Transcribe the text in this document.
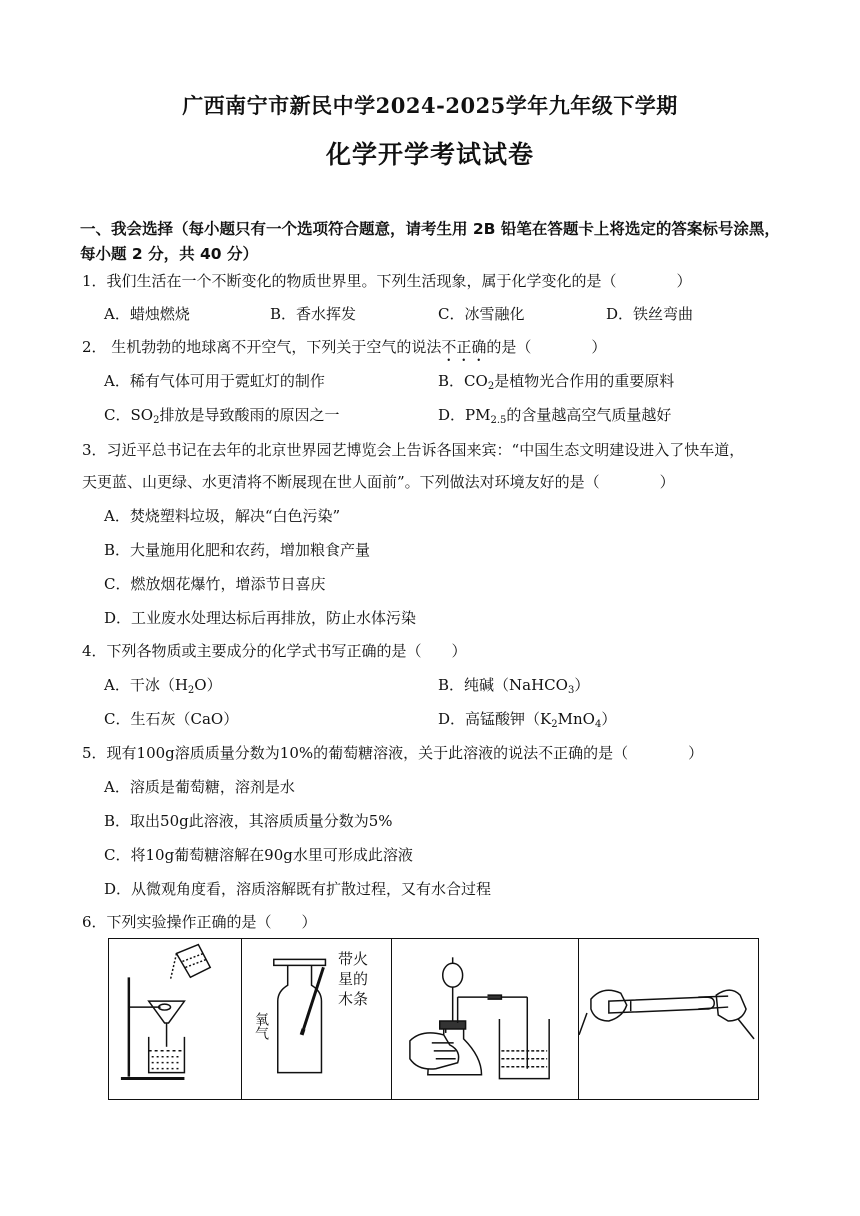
广西南宁市新民中学2024-2025学年九年级下学期
化学开学考试试卷
一、我会选择（每小题只有一个选项符合题意，请考生用 2B 铅笔在答题卡上将选定的答案标号涂黑，每小题 2 分，共 40 分）
1．我们生活在一个不断变化的物质世界里。下列生活现象，属于化学变化的是（　　　　）
A．蜡烛燃烧	B．香水挥发	C．冰雪融化	D．铁丝弯曲
2． 生机勃勃的地球离不开空气，下列关于空气的说法不正确的是（　　　　）
A．稀有气体可用于霓虹灯的制作	B．$CO_2$是植物光合作用的重要原料
C．$SO_2$排放是导致酸雨的原因之一	D．$PM_{2.5}$的含量越高空气质量越好
3．习近平总书记在去年的北京世界园艺博览会上告诉各国来宾：“中国生态文明建设进入了快车道，
天更蓝、山更绿、水更清将不断展现在世人面前”。下列做法对环境友好的是（　　　　）
A．焚烧塑料垃圾，解决“白色污染”
B．大量施用化肥和农药，增加粮食产量
C．燃放烟花爆竹，增添节日喜庆
D．工业废水处理达标后再排放，防止水体污染
4．下列各物质或主要成分的化学式书写正确的是（　　）
A．干冰$(H_2O)$	B．纯碱（NaHCO$_3$）
C．生石灰（CaO）	D．高锰酸钾$(K_2MnO_4)$
5．现有100g溶质质量分数为10%的葡萄糖溶液，关于此溶液的说法不正确的是（　　　　）
A．溶质是葡萄糖，溶剂是水
B．取出50g此溶液，其溶质质量分数为5%
C．将10g葡萄糖溶解在90g水里可形成此溶液
D．从微观角度看，溶质溶解既有扩散过程，又有水合过程
6．下列实验操作正确的是（　　）
氧气
带火星的木条
